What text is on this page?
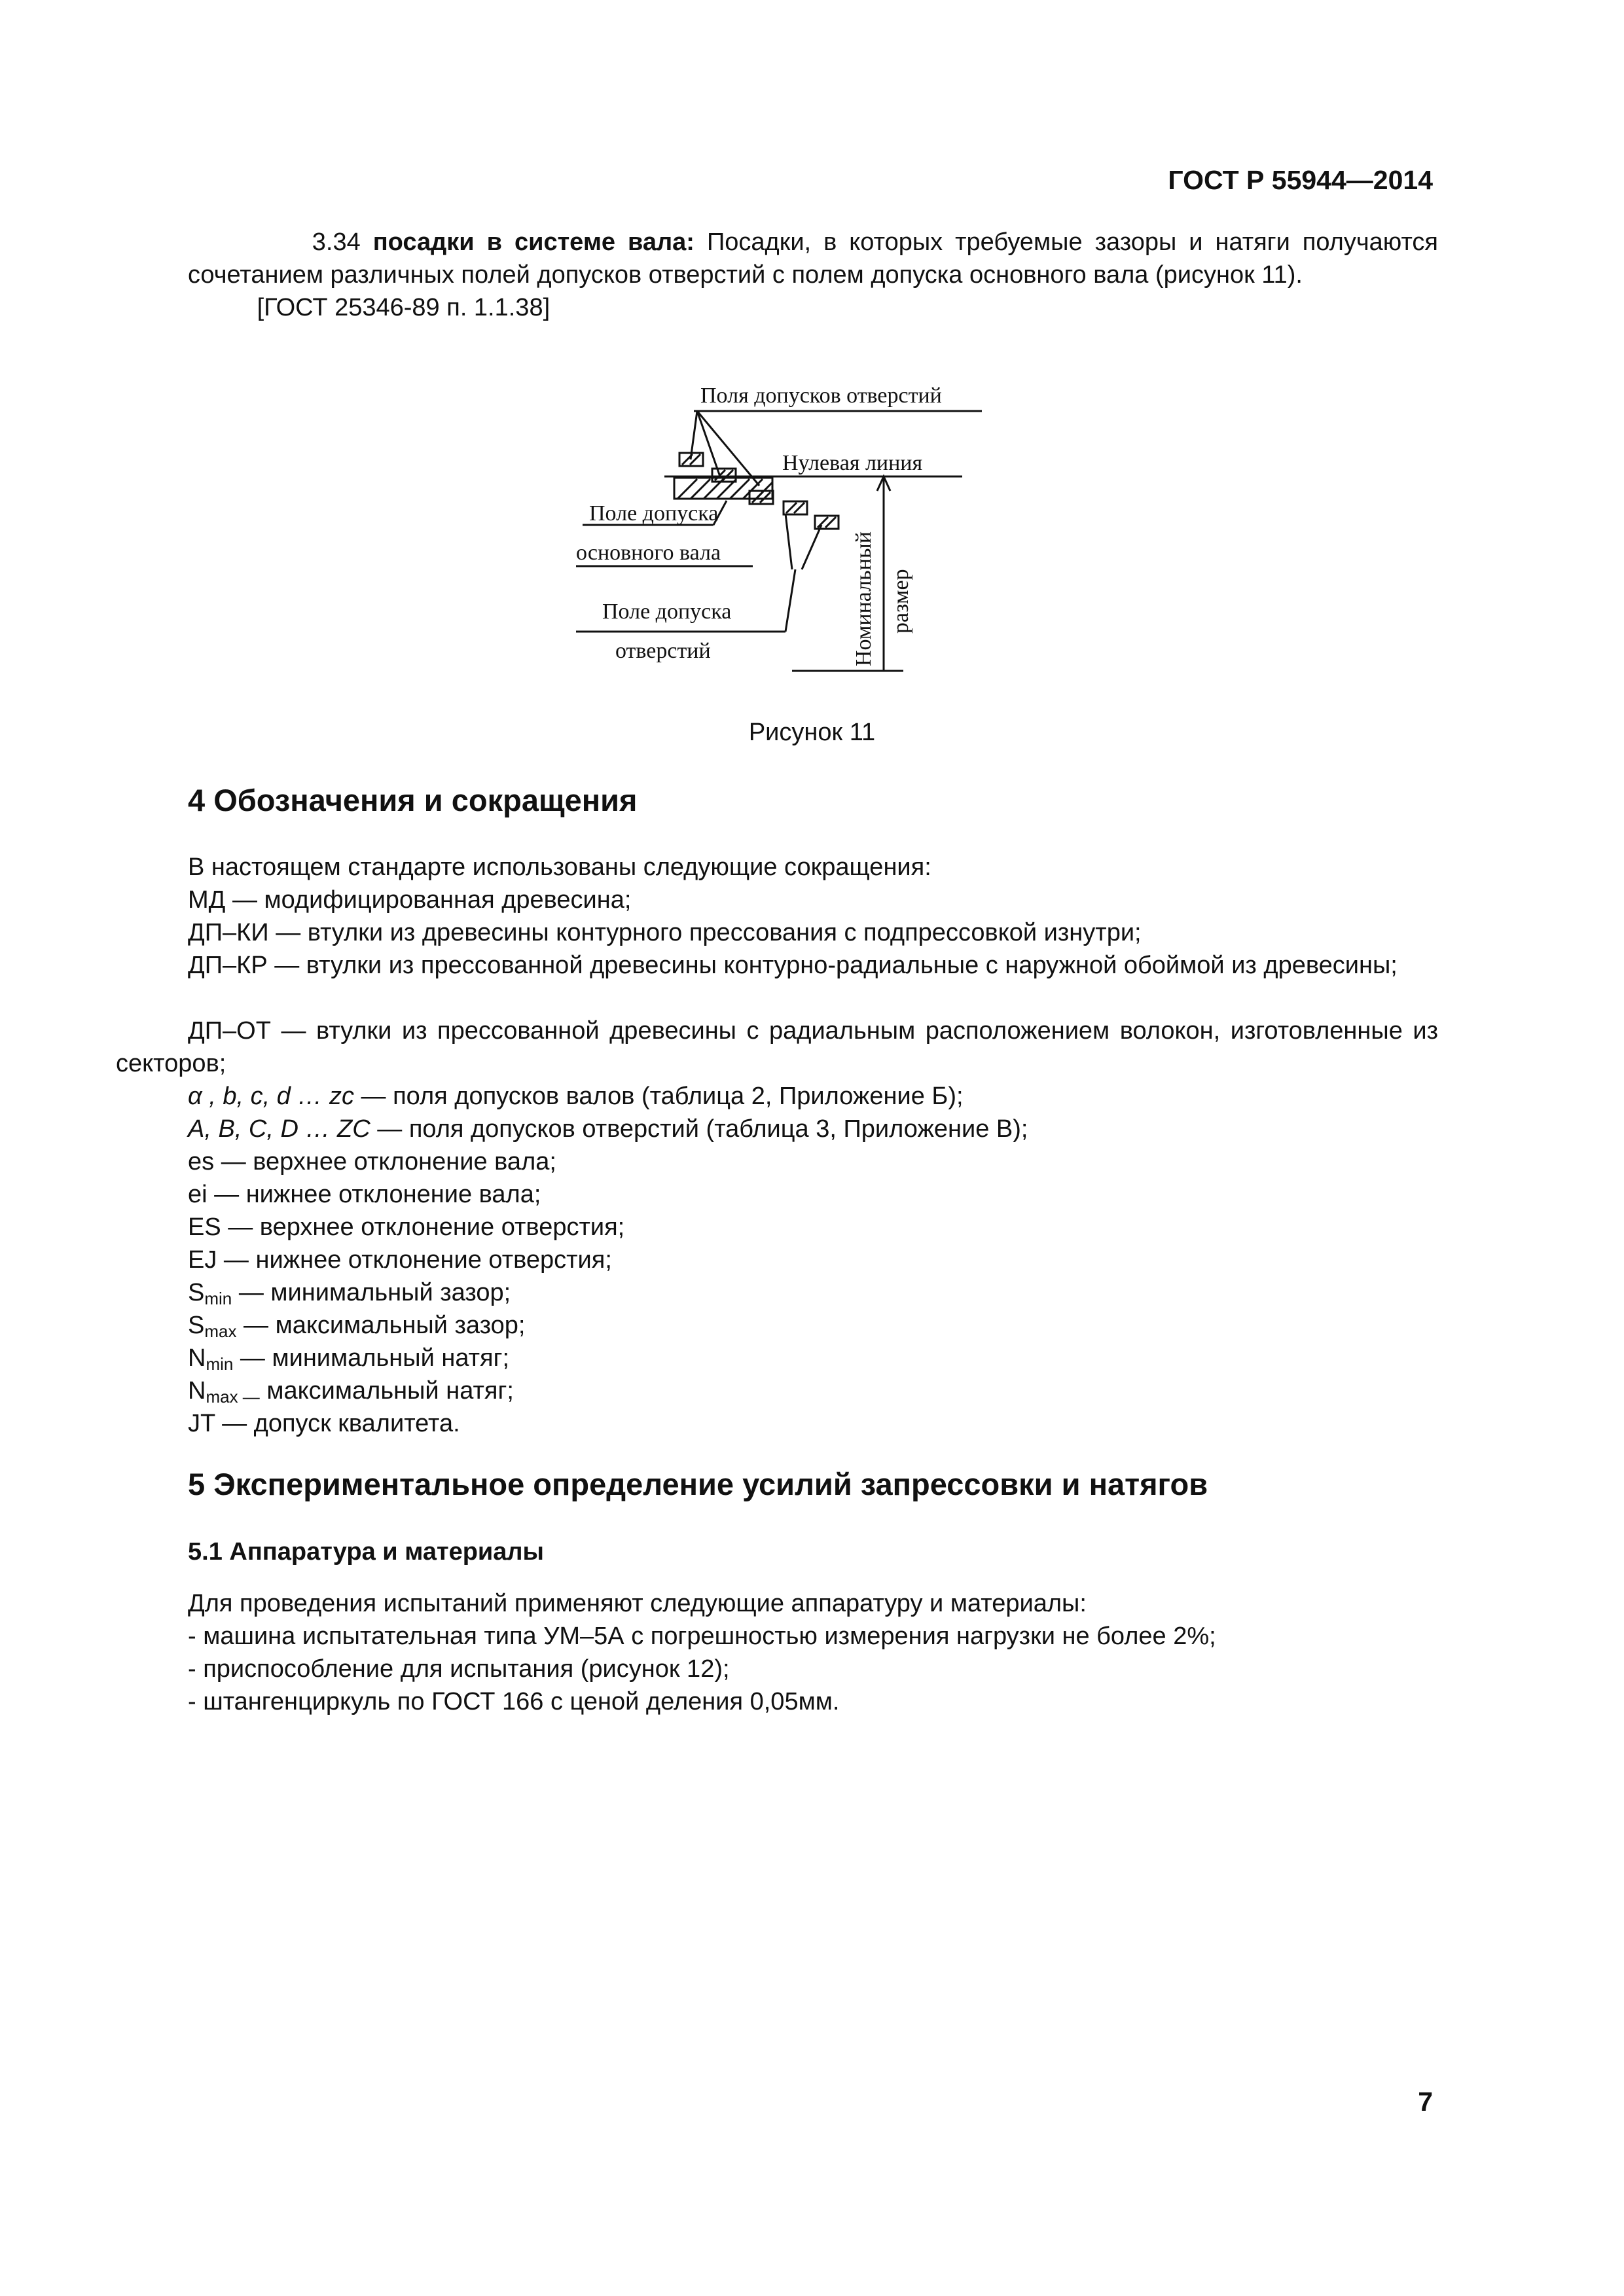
ГОСТ Р 55944—2014
3.34 посадки в системе вала: Посадки, в которых требуемые зазоры и натяги получаются сочетанием различных полей допусков отверстий с полем допуска основного вала (рисунок 11).
[ГОСТ 25346-89 п. 1.1.38]
Поля допусков отверстий
Нулевая линия
Поле допуска
основного вала
Поле допуска
отверстий	Номинальный размер
Рисунок 11
4 Обозначения и сокращения
В настоящем стандарте использованы следующие сокращения:
МД — модифицированная древесина;
ДП–КИ — втулки из древесины контурного прессования с подпрессовкой изнутри;
ДП–КР — втулки из прессованной древесины контурно-радиальные с наружной обоймой из древесины;
ДП–ОТ — втулки из прессованной древесины с радиальным расположением волокон, изготовленные из секторов;
α , b, c, d … zc — поля допусков валов (таблица 2, Приложение Б);
A, B, C, D … ZC — поля допусков отверстий (таблица 3, Приложение В);
es — верхнее отклонение вала;
ei — нижнее отклонение вала;
ES — верхнее отклонение отверстия;
EJ — нижнее отклонение отверстия;
$S_{min}$ — минимальный зазор;
$S_{max}$ — максимальный зазор;
$N_{min}$ — минимальный натяг;
$N_{max —}$ максимальный натяг;
JT — допуск квалитета.
5 Экспериментальное определение усилий запрессовки и натягов
5.1 Аппаратура и материалы
Для проведения испытаний применяют следующие аппаратуру и материалы:
- машина испытательная типа УМ–5А с погрешностью измерения нагрузки не более 2%;
- приспособление для испытания (рисунок 12);
- штангенциркуль по ГОСТ 166 с ценой деления 0,05мм.
7
